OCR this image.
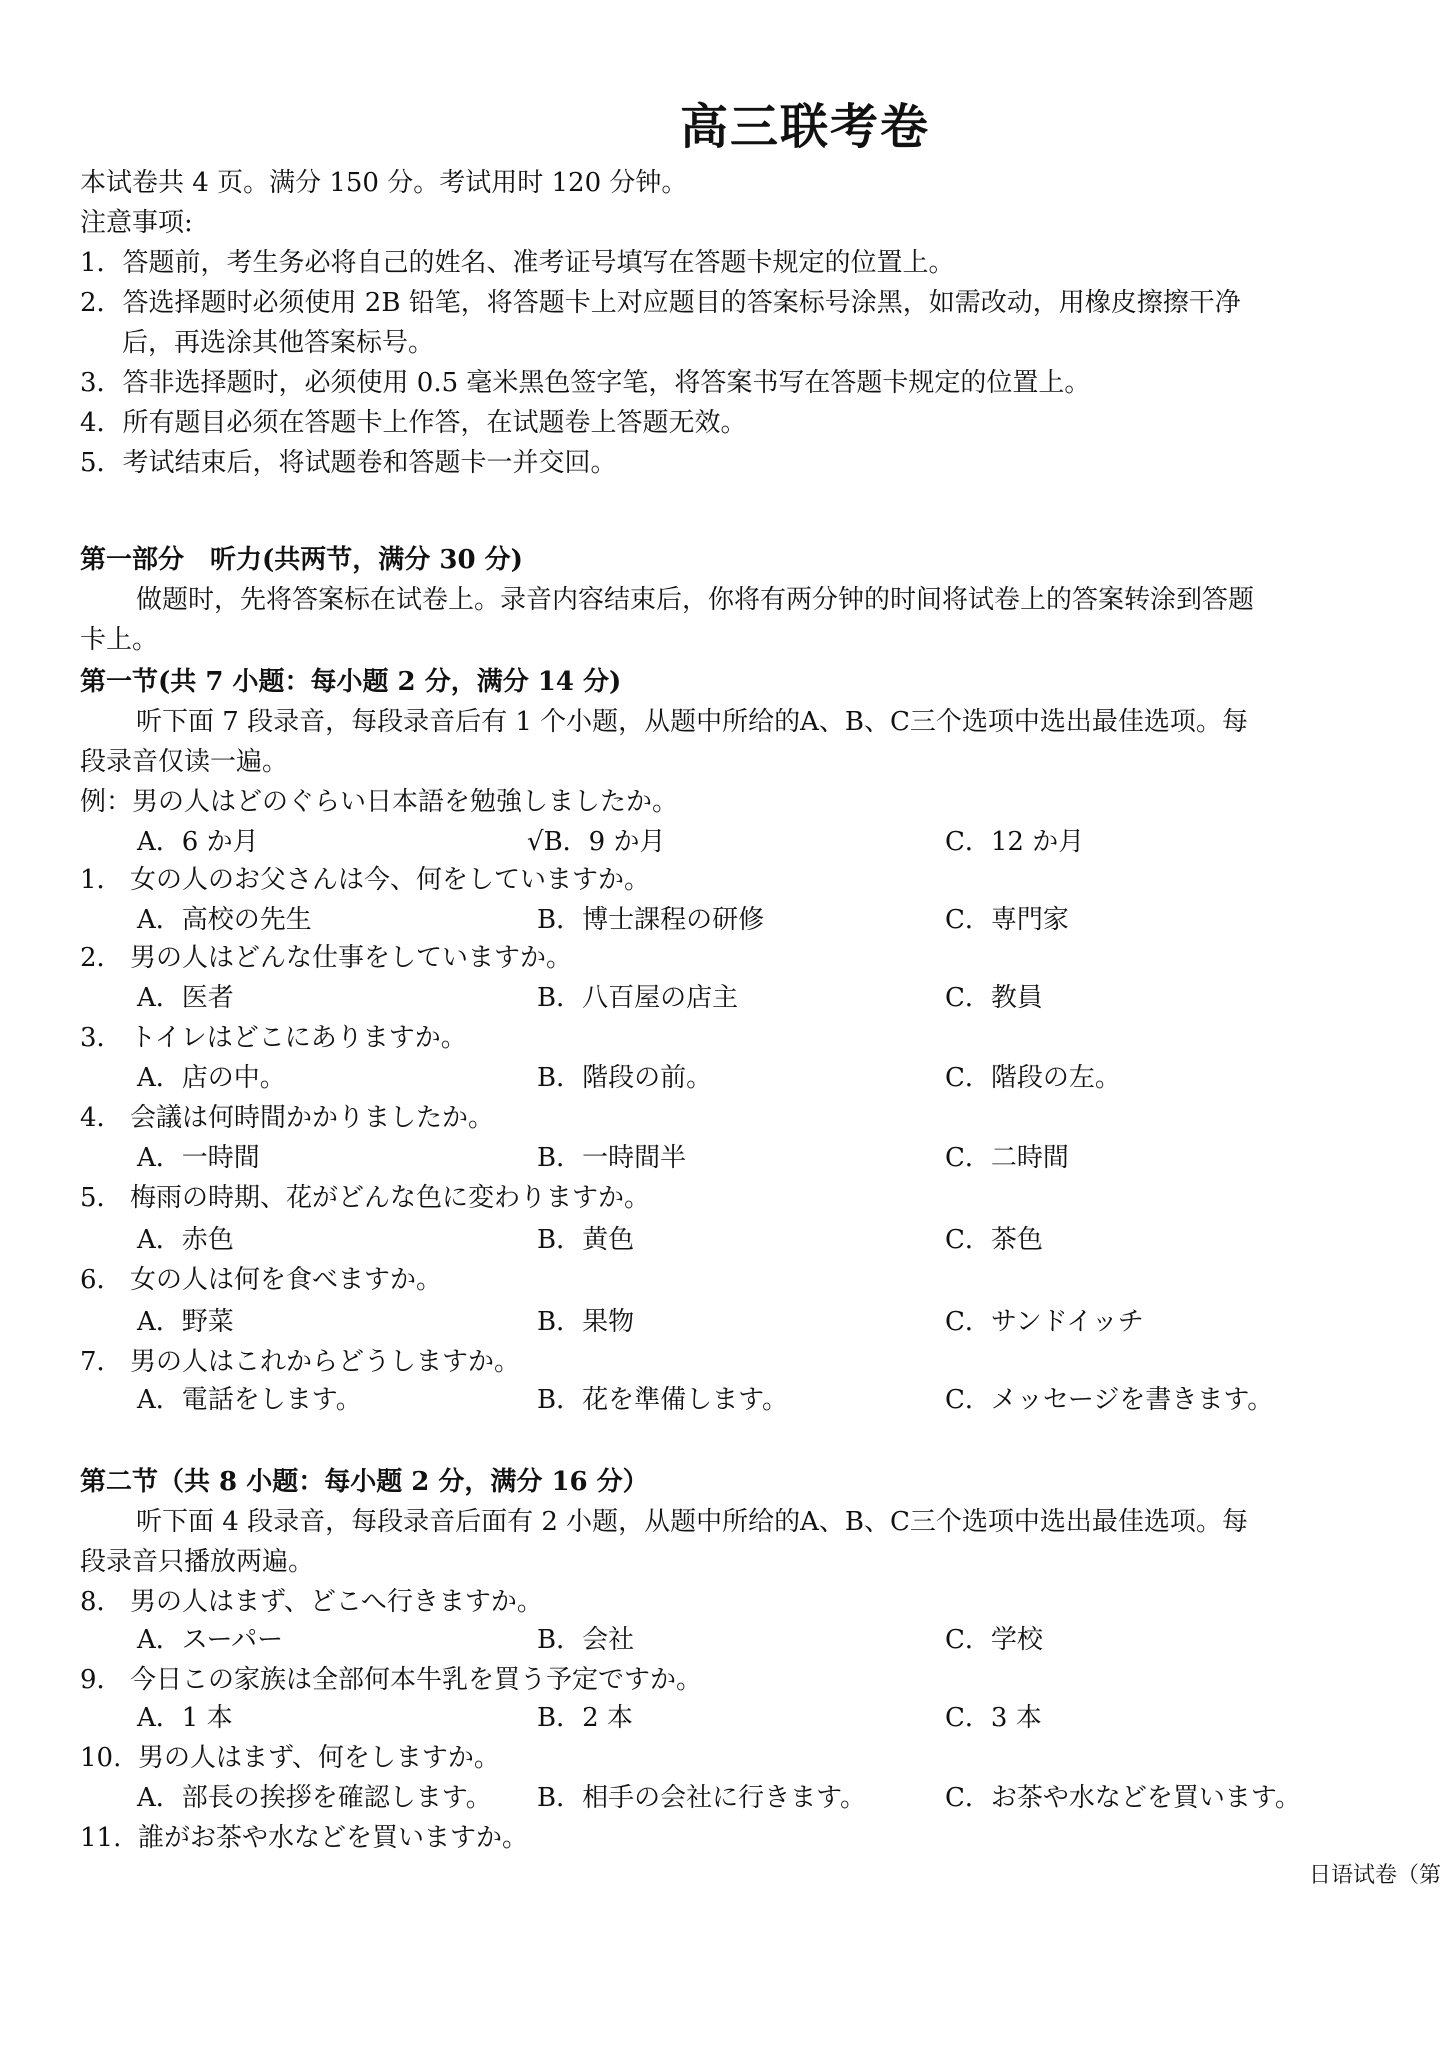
高三联考卷
本试卷共 4 页。满分 150 分。考试用时 120 分钟。
注意事项:
1．答题前，考生务必将自己的姓名、准考证号填写在答题卡规定的位置上。
2．答选择题时必须使用 2B 铅笔，将答题卡上对应题目的答案标号涂黑，如需改动，用橡皮擦擦干净
后，再选涂其他答案标号。
3．答非选择题时，必须使用 0.5 毫米黑色签字笔，将答案书写在答题卡规定的位置上。
4．所有题目必须在答题卡上作答，在试题卷上答题无效。
5．考试结束后，将试题卷和答题卡一并交回。
第一部分　听力(共两节，满分 30 分)
做题时，先将答案标在试卷上。录音内容结束后，你将有两分钟的时间将试卷上的答案转涂到答题
卡上。
第一节(共 7 小题：每小题 2 分，满分 14 分)
听下面 7 段录音，每段录音后有 1 个小题，从题中所给的A、B、C三个选项中选出最佳选项。每
段录音仅读一遍。
例：男の人はどのぐらい日本語を勉強しましたか。
A．6 か月	√B．9 か月	C．12 か月
1． 女の人のお父さんは今、何をしていますか。
A．高校の先生	B．博士課程の研修	C．専門家
2． 男の人はどんな仕事をしていますか。
A．医者	B．八百屋の店主	C．教員
3． トイレはどこにありますか。
A．店の中。	B．階段の前。	C．階段の左。
4． 会議は何時間かかりましたか。
A．一時間	B．一時間半	C．二時間
5． 梅雨の時期、花がどんな色に変わりますか。
A．赤色	B．黄色	C．茶色
6． 女の人は何を食べますか。
A．野菜	B．果物	C．サンドイッチ
7． 男の人はこれからどうしますか。
A．電話をします。	B．花を準備します。	C．メッセージを書きます。
第二节（共 8 小题：每小题 2 分，满分 16 分）
听下面 4 段录音，每段录音后面有 2 小题，从题中所给的A、B、C三个选项中选出最佳选项。每
段录音只播放两遍。
8． 男の人はまず、どこへ行きますか。
A．スーパー	B．会社	C．学校
9． 今日この家族は全部何本牛乳を買う予定ですか。
A．1 本	B．2 本	C．3 本
10. 男の人はまず、何をしますか。
A．部長の挨拶を確認します。 B．相手の会社に行きます。	C．お茶や水などを買います。
11. 誰がお茶や水などを買いますか。
日语试卷（第
